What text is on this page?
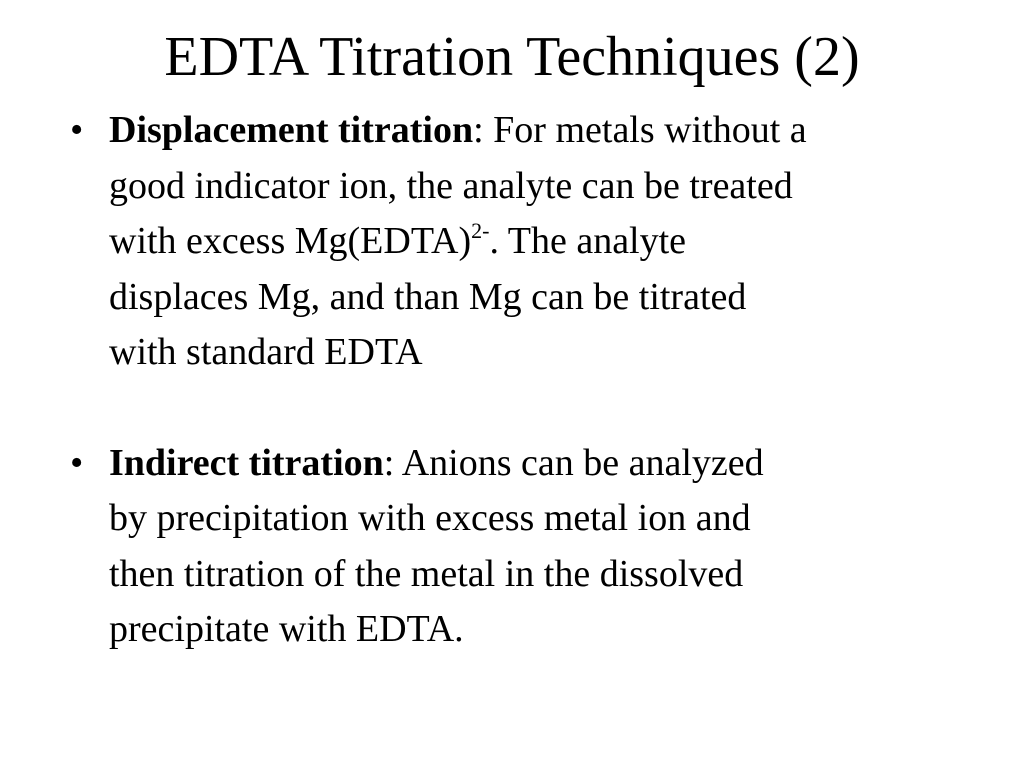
EDTA Titration Techniques (2)
• Displacement titration: For metals without a
good indicator ion, the analyte can be treated
with excess Mg(EDTA)$^{2-}$. The analyte
displaces Mg, and than Mg can be titrated
with standard EDTA
• Indirect titration: Anions can be analyzed
by precipitation with excess metal ion and
then titration of the metal in the dissolved
precipitate with EDTA.
